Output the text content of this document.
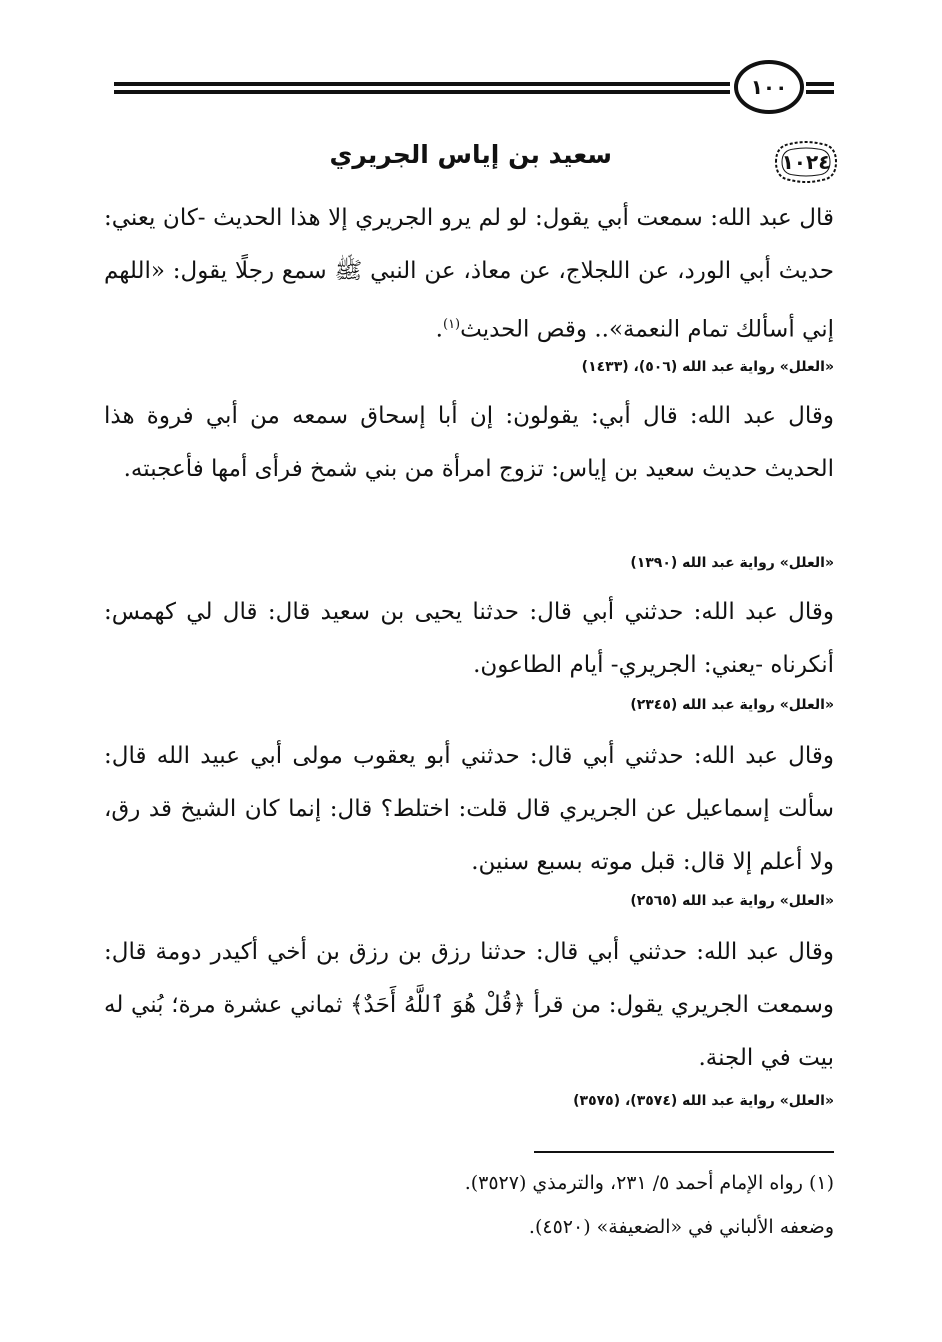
١٠٠
١٠٢٤
سعيد بن إياس الجريري
قال عبد الله: سمعت أبي يقول: لو لم يرو الجريري إلا هذا الحديث -كان يعني: حديث أبي الورد، عن اللجلاج، عن معاذ، عن النبي ﷺ سمع رجلًا يقول: «اللهم إني أسألك تمام النعمة».. وقص الحديث$^{(١)}$.
«العلل» رواية عبد الله (٥٠٦)، (١٤٣٣)
وقال عبد الله: قال أبي: يقولون: إن أبا إسحاق سمعه من أبي فروة هذا الحديث حديث سعيد بن إياس: تزوج امرأة من بني شمخ فرأى أمها فأعجبته.
«العلل» رواية عبد الله (١٣٩٠)
وقال عبد الله: حدثني أبي قال: حدثنا يحيى بن سعيد قال: قال لي كهمس: أنكرناه -يعني: الجريري- أيام الطاعون.
«العلل» رواية عبد الله (٢٣٤٥)
وقال عبد الله: حدثني أبي قال: حدثني أبو يعقوب مولى أبي عبيد الله قال: سألت إسماعيل عن الجريري قال قلت: اختلط؟ قال: إنما كان الشيخ قد رق، ولا أعلم إلا قال: قبل موته بسبع سنين.
«العلل» رواية عبد الله (٢٥٦٥)
وقال عبد الله: حدثني أبي قال: حدثنا رزق بن رزق بن أخي أكيدر دومة قال: وسمعت الجريري يقول: من قرأ ﴿قُلْ هُوَ ٱللَّهُ أَحَدٌ﴾ ثماني عشرة مرة؛ بُني له بيت في الجنة.
«العلل» رواية عبد الله (٣٥٧٤)، (٣٥٧٥)
(١) رواه الإمام أحمد ٥/ ٢٣١، والترمذي (٣٥٢٧).
وضعفه الألباني في «الضعيفة» (٤٥٢٠).
